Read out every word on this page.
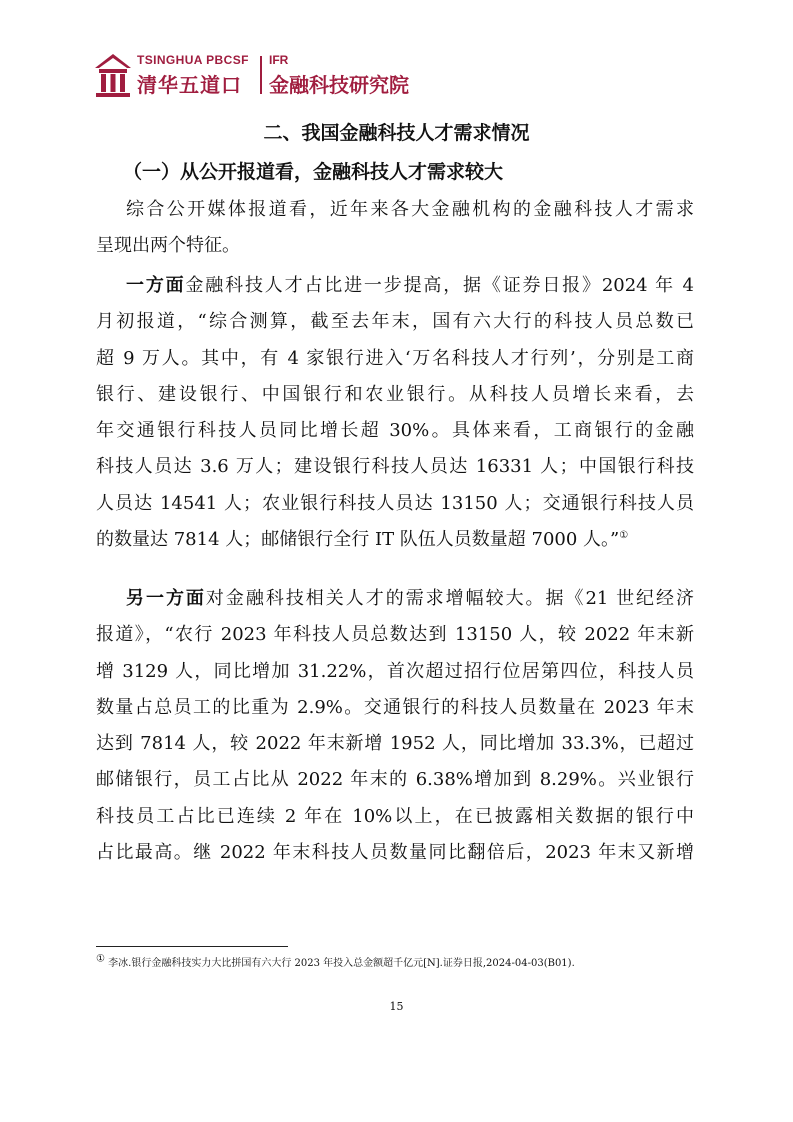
TSINGHUA PBCSF
清华五道口
IFR
金融科技研究院
二、我国金融科技人才需求情况
（一）从公开报道看，金融科技人才需求较大
综合公开媒体报道看，近年来各大金融机构的金融科技人才需求
呈现出两个特征。
一方面金融科技人才占比进一步提高，据《证券日报》2024 年 4
月初报道，“综合测算，截至去年末，国有六大行的科技人员总数已
超 9 万人。其中，有 4 家银行进入‘万名科技人才行列’，分别是工商
银行、建设银行、中国银行和农业银行。从科技人员增长来看，去
年交通银行科技人员同比增长超 30%。具体来看，工商银行的金融
科技人员达 3.6 万人；建设银行科技人员达 16331 人；中国银行科技
人员达 14541 人；农业银行科技人员达 13150 人；交通银行科技人员
的数量达 7814 人；邮储银行全行 IT 队伍人员数量超 7000 人。”①
另一方面对金融科技相关人才的需求增幅较大。据《21 世纪经济
报道》，“农行 2023 年科技人员总数达到 13150 人，较 2022 年末新
增 3129 人，同比增加 31.22%，首次超过招行位居第四位，科技人员
数量占总员工的比重为 2.9%。交通银行的科技人员数量在 2023 年末
达到 7814 人，较 2022 年末新增 1952 人，同比增加 33.3%，已超过
邮储银行，员工占比从 2022 年末的 6.38%增加到 8.29%。兴业银行
科技员工占比已连续 2 年在 10%以上，在已披露相关数据的银行中
占比最高。继 2022 年末科技人员数量同比翻倍后，2023 年末又新增
① 李冰.银行金融科技实力大比拼国有六大行 2023 年投入总金额超千亿元[N].证券日报,2024-04-03(B01).
15
